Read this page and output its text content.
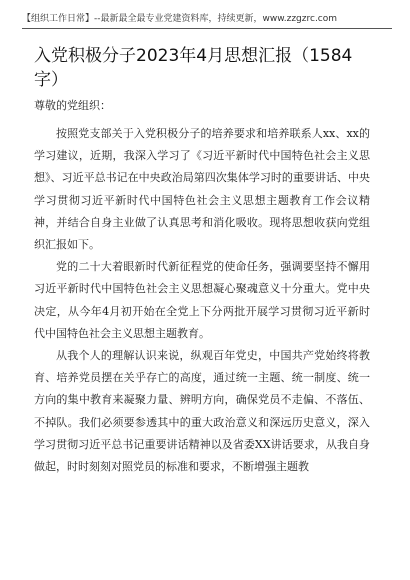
【组织工作日常】--最新最全最专业党建资料库，持续更新，www.zzgzrc.com
入党积极分子2023年4月思想汇报（1584字）
尊敬的党组织：

按照党支部关于入党积极分子的培养要求和培养联系人xx、xx的学习建议，近期，我深入学习了《习近平新时代中国特色社会主义思想》、习近平总书记在中央政治局第四次集体学习时的重要讲话、中央学习贯彻习近平新时代中国特色社会主义思想主题教育工作会议精神，并结合自身主业做了认真思考和消化吸收。现将思想收获向党组织汇报如下。

党的二十大着眼新时代新征程党的使命任务，强调要坚持不懈用习近平新时代中国特色社会主义思想凝心聚魂意义十分重大。党中央决定，从今年4月初开始在全党上下分两批开展学习贯彻习近平新时代中国特色社会主义思想主题教育。

从我个人的理解认识来说，纵观百年党史，中国共产党始终将教育、培养党员摆在关乎存亡的高度，通过统一主题、统一制度、统一方向的集中教育来凝聚力量、辨明方向，确保党员不走偏、不落伍、不掉队。我们必须要参透其中的重大政治意义和深远历史意义，深入学习贯彻习近平总书记重要讲话精神以及省委XX讲话要求，从我自身做起，时时刻刻对照党员的标准和要求，不断增强主题教
